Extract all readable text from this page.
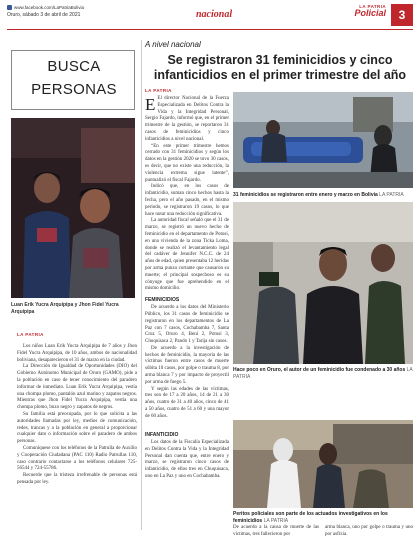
www.facebook.com/LaPatriaBolivia
Oruro, sábado 3 de abril de 2021	nacional
LA PATRIA
Policial	3
BUSCA
PERSONAS
Luan Erik Yucra Arquipipa y Jhon Fidel Yucra Arquipipa
LA PATRIA

Los niños Luan Erik Yucra Arquipipa de 7 años y Jhon Fidel Yucra Arquipipa, de 10 años, ambos de nacionalidad boliviana, desaparecieron el 31 de marzo en la ciudad.

La Dirección de Igualdad de Oportunidades (DIO) del Gobierno Autónomo Municipal de Oruro (GAMO), pide a la población en caso de tener conocimiento del paradero informar de inmediato. Luan Erik Yucra Arquipipa, vestía una chompa plomo, pantalón azul marino y zapatos negros. Mientras que Jhon Fidel Yucra Arquipipa, vestía una chompa plomo, buzo negro y zapatos de negros.

Su familia está preocupada, por lo que solicita a las autoridades llamadas por ley, medios de comunicación, redes, trancas y a la población en general a proporcionar cualquier dato o información sobre el paradero de ambos personas.

Comuníquese con los teléfonos de la Patrulla de Auxilio y Cooperación Ciudadana (PAC 110) Radio Patrullas 110, caso contrario contactarse a los teléfonos celulares 725-56544 y 724-55786.

Recuerde que la tristeza irrefrenable de personas está pensada por ley.

A nivel nacional
Se registraron 31 feminicidios y cinco infanticidios en el primer trimestre del año
LA PATRIA

E El director Nacional de la Fuerza Especializada en Delitos Contra la Vida y la Integridad Personal, Sergio Fajardo, informó que, en el primer trimestre de la gestión, se reportaron 31 casos de feminicidios y cinco infanticidios a nivel nacional.

“En este primer trimestre hemos cerrado con 31 feminicidios y según los datos en la gestión 2020 se tuvo 30 casos, es decir, que no existe una reducción, la violencia extrema sigue latente”, puntualizó el fiscal Fajardo.

Indicó que, en los casos de infanticidio, suman cinco hechos hasta la fecha, pero el año pasado, en el mismo periodo, se registraron 19 casos, lo que hace notar una reducción significativa.

La autoridad fiscal señaló que el 31 de marzo, se registró un nuevo hecho de feminicidio en el departamento de Potosí, en una vivienda de la zona Ticka Loma, donde se realizó el levantamiento legal del cadáver de Jennifer N.C.C. de 24 años de edad, quien presentaba 12 heridas por arma punzo cortante que causaron su muerte; el principal sospechoso es su cónyuge que fue aprehendido en el mismo domicilio.

FEMINICIDIOS

De acuerdo a los datos del Ministerio Público, los 31 casos de feminicidio se registraron en los departamentos de La Paz con 7 casos, Cochabamba 7, Santa Cruz 5, Oruro 4, Beni 2, Potosí 3, Chuquisaca 2, Pando 1 y Tarija sin casos.

De acuerdo a la investigación de hechos de feminicidio, la mayoría de las víctimas fueron entre casos de muerte súbita 10 casos, por golpe o trauma 8, por arma blanca 7 y por impacto de proyectil por arma de fuego 5.

Y según las edades de las víctimas, tres son de 17 a 20 años, 14 de 21 a 30 años, cuatro de 31 a 40 años, cinco de 41 a 50 años, cuatro de 51 a 60 y una mayor de 60 años.

INFANTICIDIO

Los datos de la Fiscalía Especializada en Delitos Contra la Vida y la Integridad Personal dan cuenta que, entre enero y marzo, se registraron cinco casos de infanticidio, de ellos tres en Chuquisaca, uno en La Paz y uno en Cochabamba.

31 feminicidios se registraron entre enero y marzo en Bolivia LA PATRIA
Hace poco en Oruro, el autor de un feminicidio fue condenado a 30 años LA PATRIA
Peritos policiales son parte de los actuados investigativos en los feminicidios LA PATRIA
De acuerdo a la causa de muerte de las víctimas, tres fallecieron por
arma blanca, uno por golpe o trauma y uno por asfixia.
